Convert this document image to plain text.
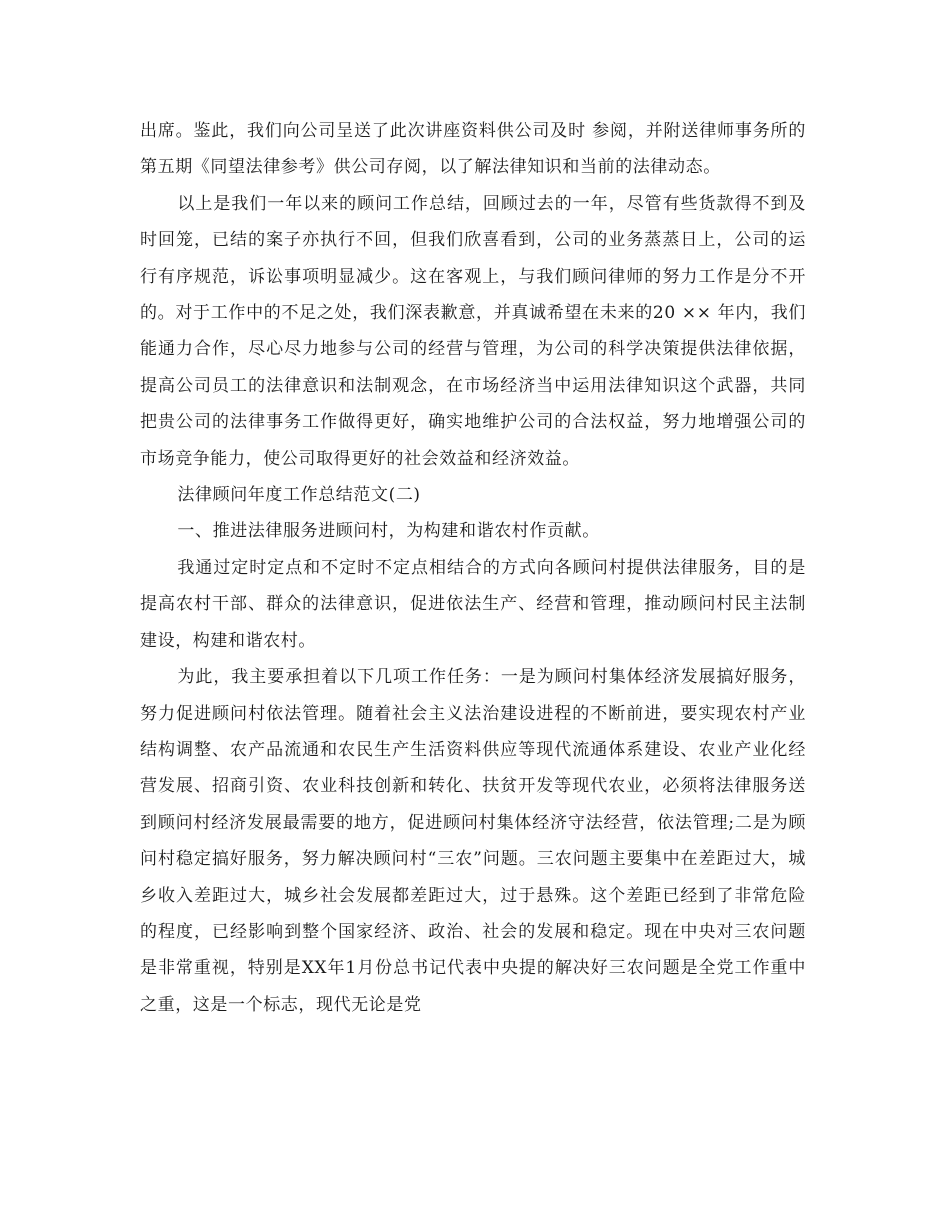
出席。鉴此，我们向公司呈送了此次讲座资料供公司及时 参阅，并附送律师事务所的第五期《同望法律参考》供公司存阅，以了解法律知识和当前的法律动态。

以上是我们一年以来的顾问工作总结，回顾过去的一年，尽管有些货款得不到及时回笼，已结的案子亦执行不回，但我们欣喜看到，公司的业务蒸蒸日上，公司的运行有序规范，诉讼事项明显减少。这在客观上，与我们顾问律师的努力工作是分不开的。对于工作中的不足之处，我们深表歉意，并真诚希望在未来的20 ×× 年内，我们能通力合作，尽心尽力地参与公司的经营与管理，为公司的科学决策提供法律依据，提高公司员工的法律意识和法制观念，在市场经济当中运用法律知识这个武器，共同把贵公司的法律事务工作做得更好，确实地维护公司的合法权益，努力地增强公司的市场竞争能力，使公司取得更好的社会效益和经济效益。

法律顾问年度工作总结范文(二)

一、推进法律服务进顾问村，为构建和谐农村作贡献。

我通过定时定点和不定时不定点相结合的方式向各顾问村提供法律服务，目的是提高农村干部、群众的法律意识，促进依法生产、经营和管理，推动顾问村民主法制建设，构建和谐农村。

为此，我主要承担着以下几项工作任务：一是为顾问村集体经济发展搞好服务，努力促进顾问村依法管理。随着社会主义法治建设进程的不断前进，要实现农村产业结构调整、农产品流通和农民生产生活资料供应等现代流通体系建设、农业产业化经营发展、招商引资、农业科技创新和转化、扶贫开发等现代农业，必须将法律服务送到顾问村经济发展最需要的地方，促进顾问村集体经济守法经营，依法管理;二是为顾问村稳定搞好服务，努力解决顾问村“三农”问题。三农问题主要集中在差距过大，城乡收入差距过大，城乡社会发展都差距过大，过于悬殊。这个差距已经到了非常危险的程度，已经影响到整个国家经济、政治、社会的发展和稳定。现在中央对三农问题是非常重视，特别是XX年1月份总书记代表中央提的解决好三农问题是全党工作重中之重，这是一个标志，现代无论是党
